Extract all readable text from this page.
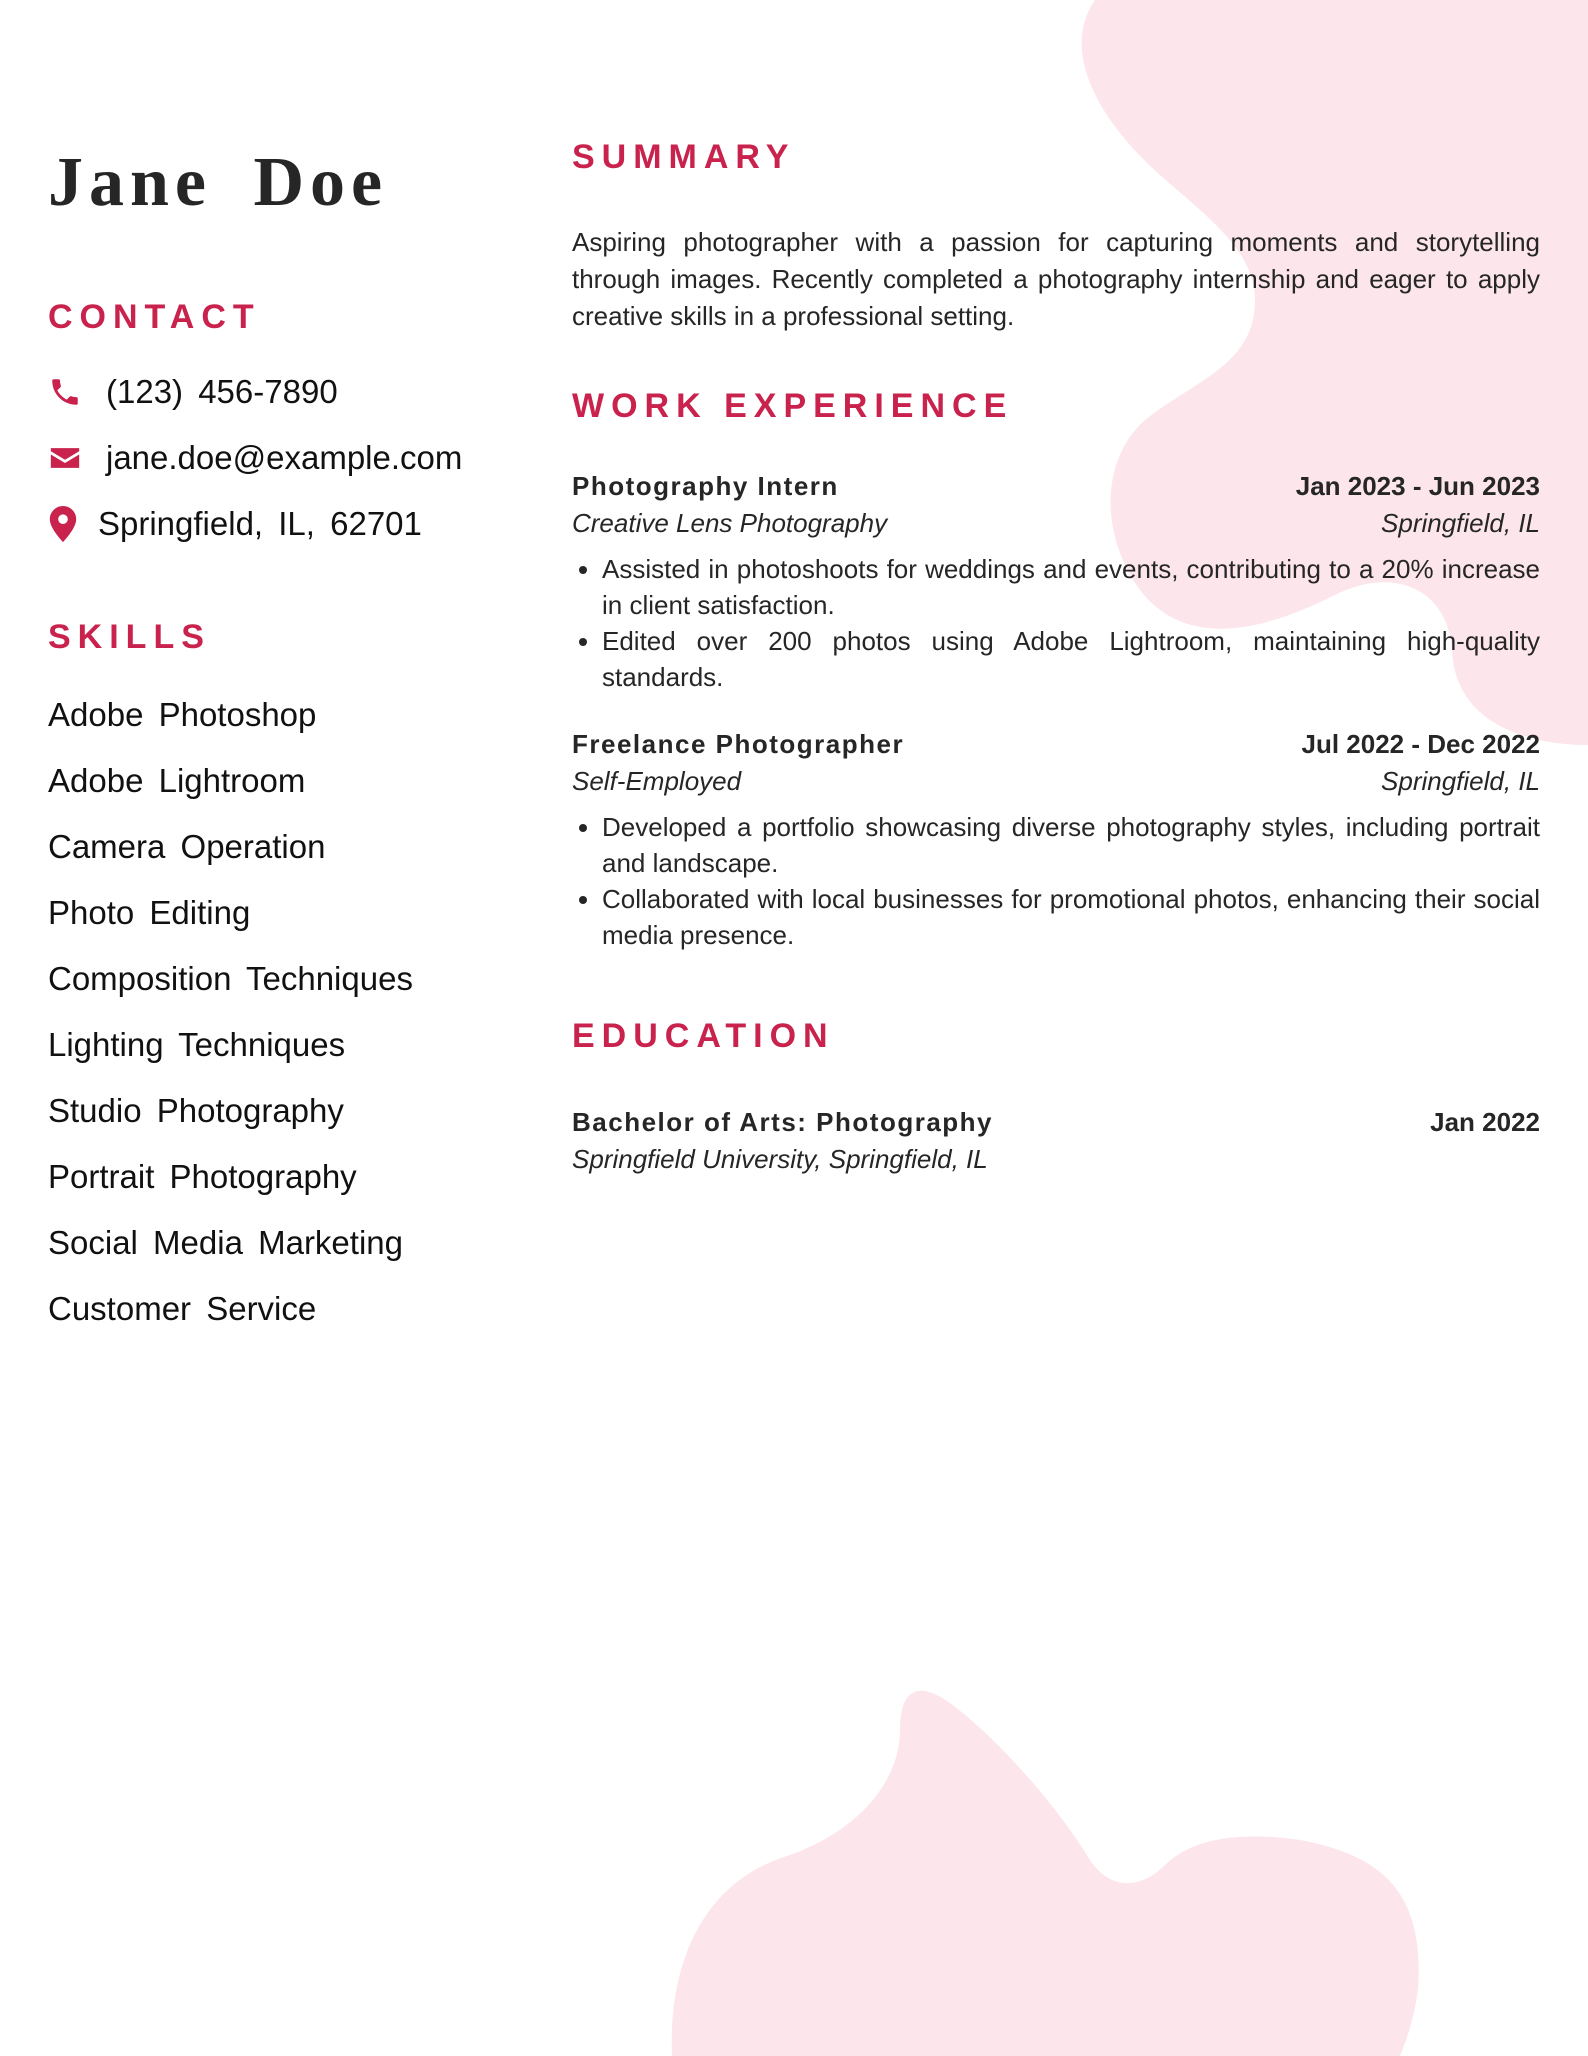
Jane Doe
CONTACT
(123) 456-7890
jane.doe@example.com
Springfield, IL, 62701
SKILLS
Adobe Photoshop
Adobe Lightroom
Camera Operation
Photo Editing
Composition Techniques
Lighting Techniques
Studio Photography
Portrait Photography
Social Media Marketing
Customer Service
SUMMARY

Aspiring photographer with a passion for capturing moments and storytelling through images. Recently completed a photography internship and eager to apply creative skills in a professional setting.

WORK EXPERIENCE
Photography Intern	Jan 2023 - Jun 2023
Creative Lens Photography	Springfield, IL
• Assisted in photoshoots for weddings and events, contributing to a 20% increase in client satisfaction.
• Edited over 200 photos using Adobe Lightroom, maintaining high-quality standards.
Freelance Photographer	Jul 2022 - Dec 2022
Self-Employed	Springfield, IL
• Developed a portfolio showcasing diverse photography styles, including portrait and landscape.
• Collaborated with local businesses for promotional photos, enhancing their social media presence.
EDUCATION
Bachelor of Arts: Photography	Jan 2022
Springfield University, Springfield, IL
